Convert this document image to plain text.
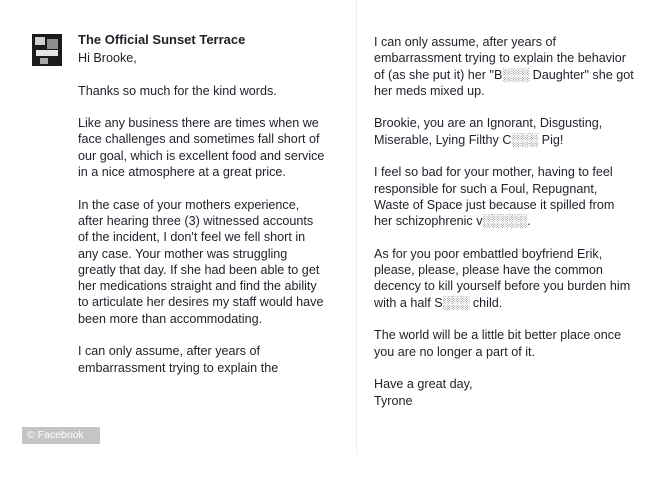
The Official Sunset Terrace
Hi Brooke,

Thanks so much for the kind words.

Like any business there are times when we face challenges and sometimes fall short of our goal, which is excellent food and service in a nice atmosphere at a great price.

In the case of your mothers experience, after hearing three (3) witnessed accounts of the incident, I don't feel we fell short in any case. Your mother was struggling greatly that day. If she had been able to get her medications straight and find the ability to articulate her desires my staff would have been more than accommodating.

I can only assume, after years of embarrassment trying to explain the
I can only assume, after years of embarrassment trying to explain the behavior of (as she put it) her "B░░░ Daughter" she got her meds mixed up.

Brookie, you are an Ignorant, Disgusting, Miserable, Lying Filthy C░░░ Pig!

I feel so bad for your mother, having to feel responsible for such a Foul, Repugnant, Waste of Space just because it spilled from her schizophrenic v░░░░░.

As for you poor embattled boyfriend Erik, please, please, please have the common decency to kill yourself before you burden him with a half S░░░ child.

The world will be a little bit better place once you are no longer a part of it.

Have a great day,
Tyrone
© Facebook
